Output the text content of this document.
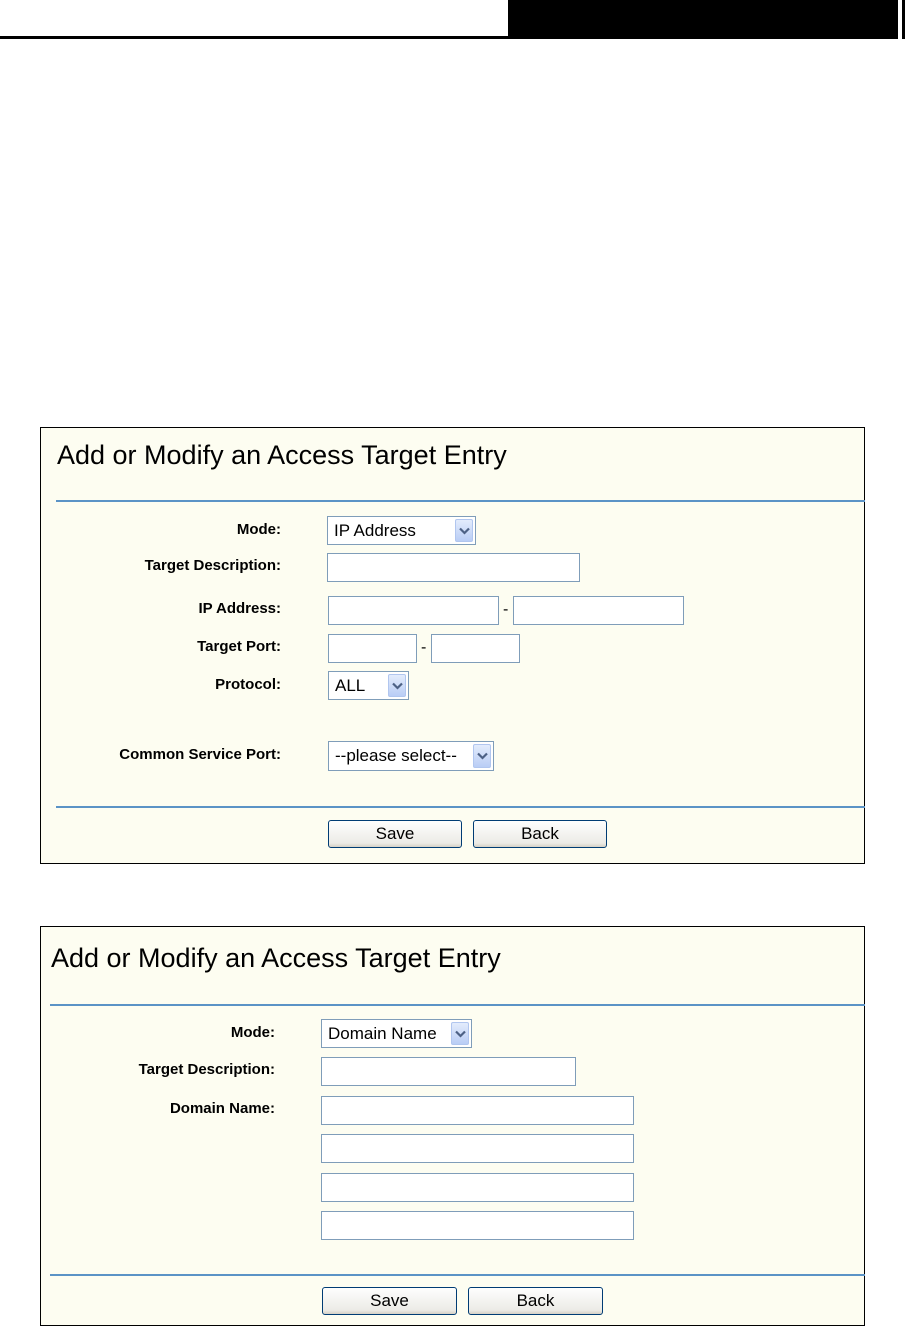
Add or Modify an Access Target Entry
Mode:	IP Address
Target Description:
IP Address:	-
Target Port:	-
Protocol:	ALL
Common Service Port:	--please select--
Save	Back
Add or Modify an Access Target Entry
Mode:	Domain Name
Target Description:
Domain Name:
Save	Back
